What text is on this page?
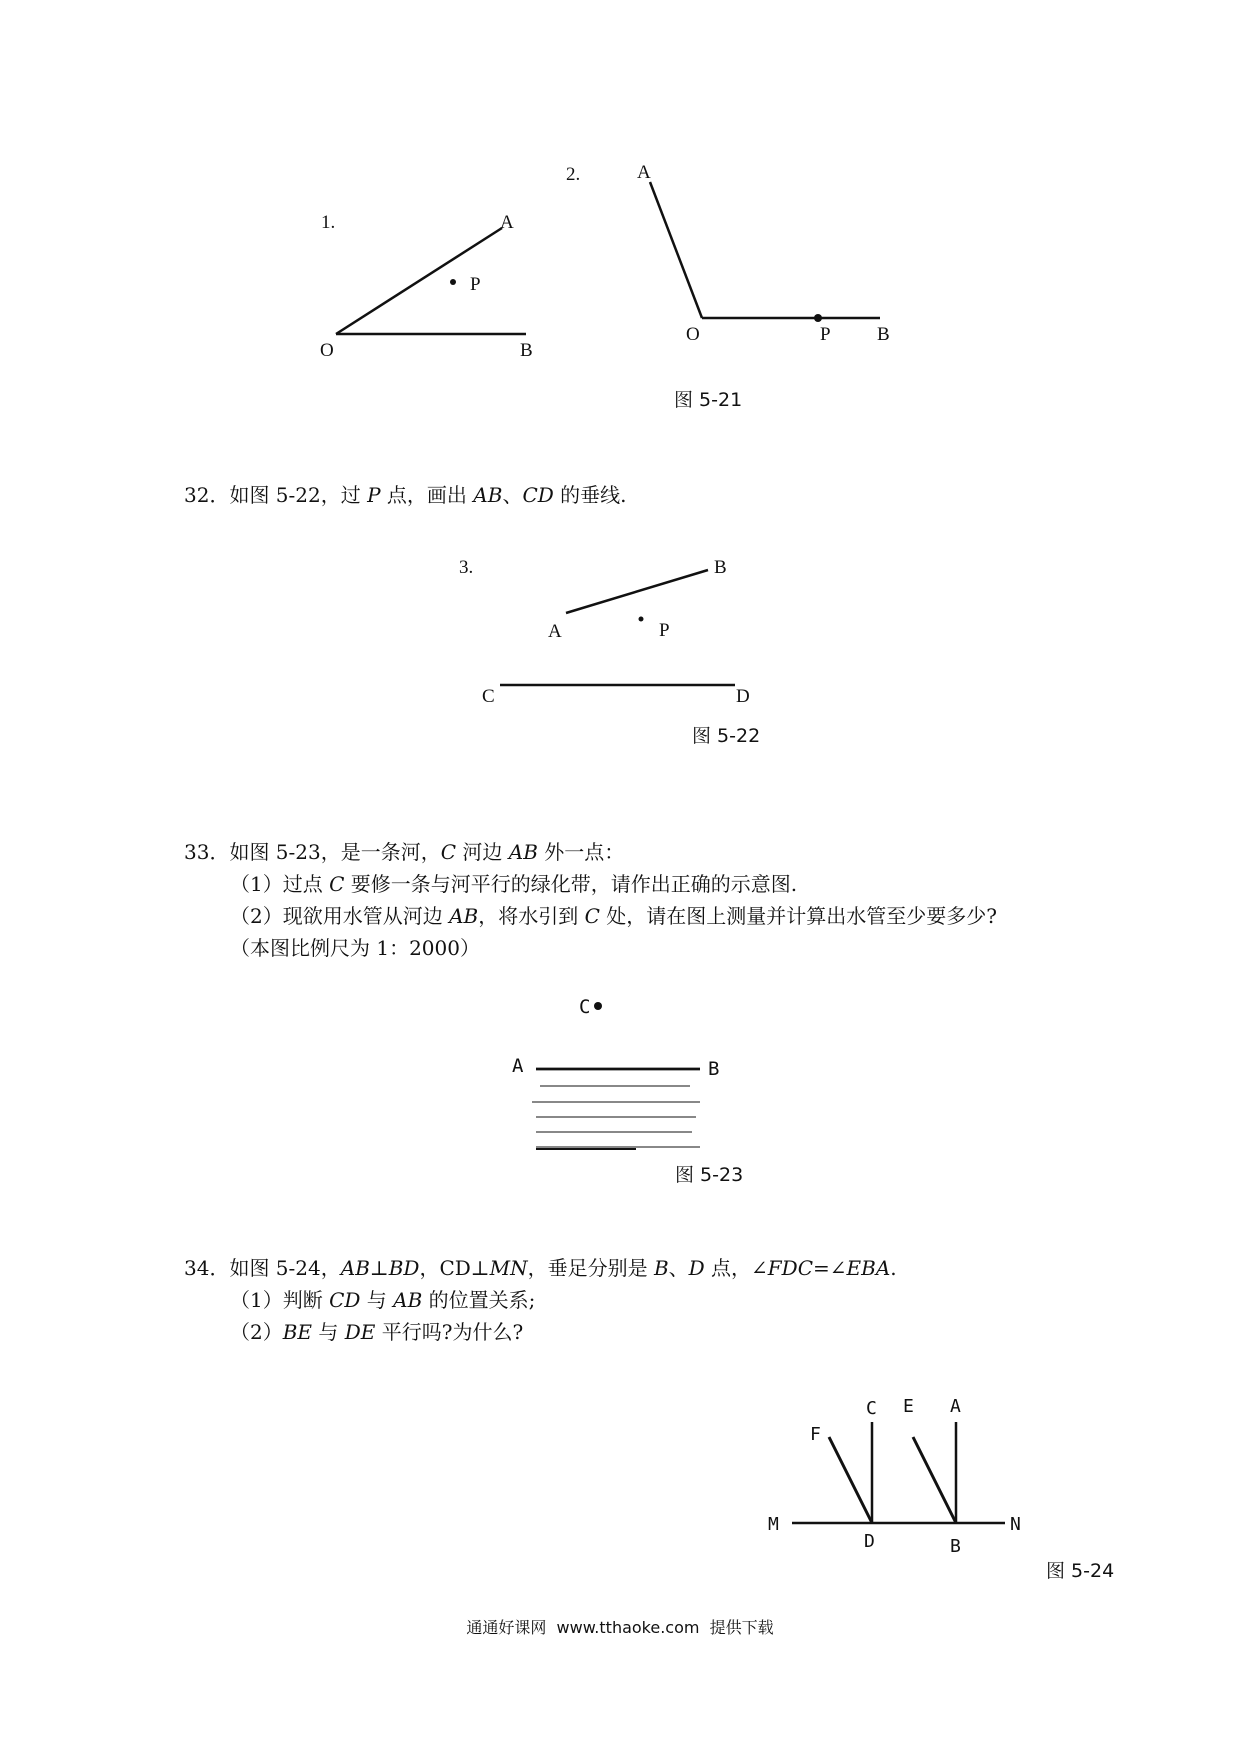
1.	A
P
O	B
2.	A
O	P B
图 5-21
32．如图 5-22，过 P 点，画出 AB、CD 的垂线.
3.	B
A	P
C	D
图 5-22
33．如图 5-23，是一条河，C 河边 AB 外一点：
（1）过点 C 要修一条与河平行的绿化带，请作出正确的示意图.
（2）现欲用水管从河边 AB，将水引到 C 处，请在图上测量并计算出水管至少要多少?
（本图比例尺为 1：2000）
C
A	B
图 5-23
34．如图 5-24，AB⊥BD，CD⊥MN，垂足分别是 B、D 点，∠FDC=∠EBA.
（1）判断 CD 与 AB 的位置关系;
（2）BE 与 DE 平行吗?为什么?
F
C E A
M
D	B
N
图 5-24
通通好课网  www.tthaoke.com  提供下载
